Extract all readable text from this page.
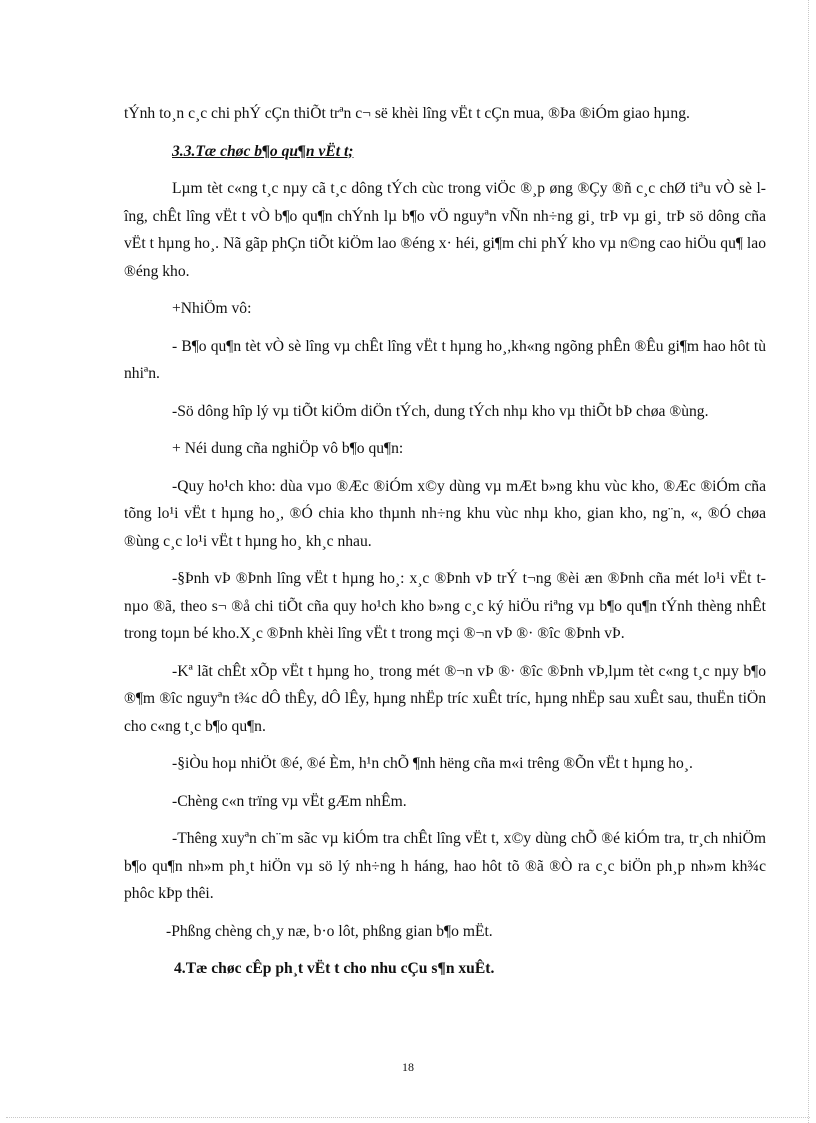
tÝnh to¸n c¸c chi phÝ cÇn thiÕt trªn c¬ së khèi lîng vËt t cÇn mua, ®Þa ®iÓm giao hµng.

3.3.Tæ chøc b¶o qu¶n vËt t;

Lµm tèt c«ng t¸c nµy cã t¸c dông tÝch cùc trong viÖc ®¸p øng ®Çy ®ñ c¸c chØ tiªu vÒ sè lîng, chÊt lîng vËt t vÒ b¶o qu¶n chÝnh lµ b¶o vÖ nguyªn vÑn nh÷ng gi¸ trÞ vµ gi¸ trÞ sö dông cña vËt t hµng ho¸. Nã gãp phÇn tiÕt kiÖm lao ®éng x· héi, gi¶m chi phÝ kho vµ n©ng cao hiÖu qu¶ lao ®éng kho.

+NhiÖm vô:

- B¶o qu¶n tèt vÒ sè lîng vµ chÊt lîng vËt t hµng ho¸,kh«ng ngõng phÊn ®Êu gi¶m hao hôt tù nhiªn.

-Sö dông hîp lý vµ tiÕt kiÖm diÖn tÝch, dung tÝch nhµ kho vµ thiÕt bÞ chøa ®ùng.

+ Néi dung cña nghiÖp vô b¶o qu¶n:

-Quy ho¹ch kho: dùa vµo ®Æc ®iÓm x©y dùng vµ mÆt b»ng khu vùc kho, ®Æc ®iÓm cña tõng lo¹i vËt t hµng ho¸, ®Ó chia kho thµnh nh÷ng khu vùc nhµ kho, gian kho, ng¨n, «, ®Ó chøa ®ùng c¸c lo¹i vËt t hµng ho¸ kh¸c nhau.

-§Þnh vÞ ®Þnh lîng vËt t hµng ho¸: x¸c ®Þnh vÞ trÝ t¬ng ®èi æn ®Þnh cña mét lo¹i vËt t nµo ®ã, theo s¬ ®å chi tiÕt cña quy ho¹ch kho b»ng c¸c ký hiÖu riªng vµ b¶o qu¶n tÝnh thèng nhÊt trong toµn bé kho.X¸c ®Þnh khèi lîng vËt t trong mçi ®¬n vÞ ®· ®îc ®Þnh vÞ.

-Kª lãt chÊt xÕp vËt t hµng ho¸ trong mét ®¬n vÞ ®· ®îc ®Þnh vÞ,lµm tèt c«ng t¸c nµy b¶o ®¶m ®îc nguyªn t¾c dÔ thÊy, dÔ lÊy, hµng nhËp tríc xuÊt tríc, hµng nhËp sau xuÊt sau, thuËn tiÖn cho c«ng t¸c b¶o qu¶n.

-§iÒu hoµ nhiÖt ®é, ®é Èm, h¹n chÕ ¶nh hëng cña m«i trêng ®Õn vËt t hµng ho¸.

-Chèng c«n trïng vµ vËt gÆm nhÊm.

-Thêng xuyªn ch¨m sãc vµ kiÓm tra chÊt lîng vËt t, x©y dùng chÕ ®é kiÓm tra, tr¸ch nhiÖm b¶o qu¶n nh»m ph¸t hiÖn vµ sö lý nh÷ng h háng, hao hôt tõ ®ã ®Ò ra c¸c biÖn ph¸p nh»m kh¾c phôc kÞp thêi.

-Phßng chèng ch¸y næ, b·o lôt, phßng gian b¶o mËt.

4.Tæ chøc cÊp ph¸t vËt t cho nhu cÇu s¶n xuÊt.

18
